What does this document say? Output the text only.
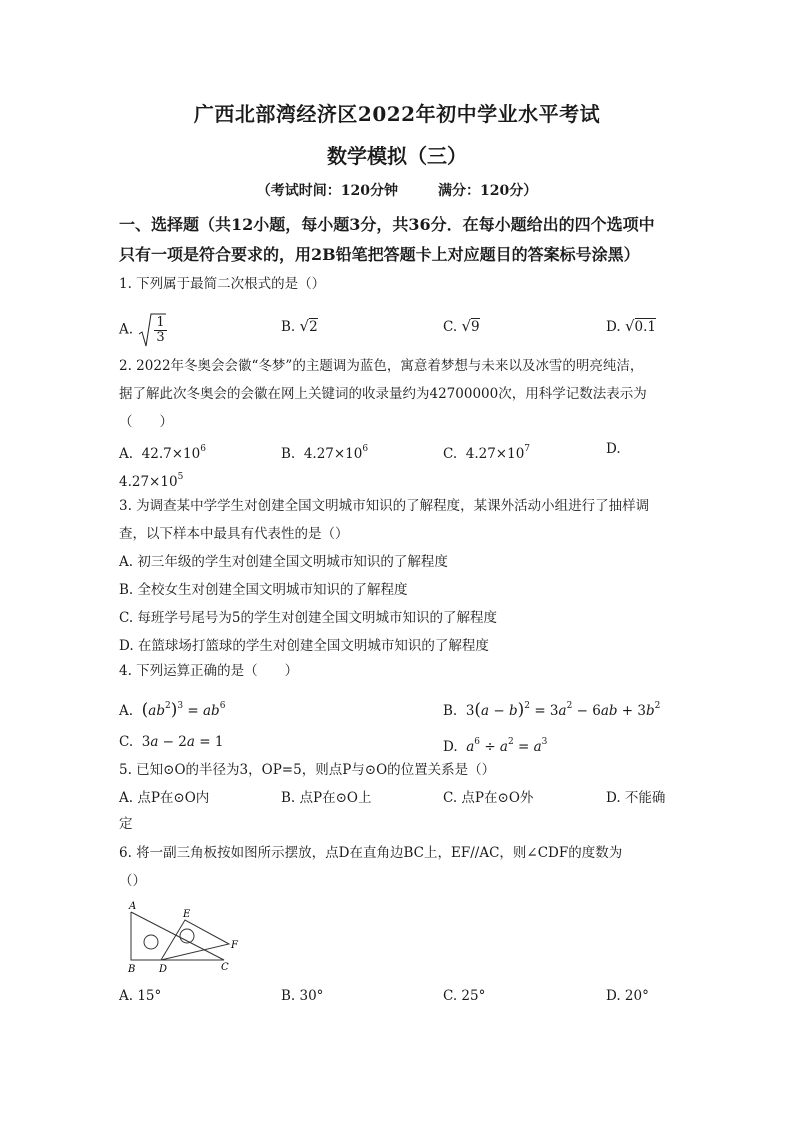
广西北部湾经济区2022年初中学业水平考试
数学模拟（三）
（考试时间：120分钟	满分：120分）
一、选择题（共12小题，每小题3分，共36分．在每小题给出的四个选项中
只有一项是符合要求的，用2B铅笔把答题卡上对应题目的答案标号涂黑）
1. 下列属于最简二次根式的是（）
A. $\frac{1}{3}$	B. √2	C. √9	D. √0.1
2. 2022年冬奥会会徽“冬梦”的主题调为蓝色，寓意着梦想与未来以及冰雪的明亮纯洁，
据了解此次冬奥会的会徽在网上关键词的收录量约为42700000次，用科学记数法表示为
（　　）
A. $42.7\times 10^6$	B. $4.27\times 10^6$	C. $4.27\times 10^7$	D.
$4.27\times 10^5$
3. 为调查某中学学生对创建全国文明城市知识的了解程度，某课外活动小组进行了抽样调
查，以下样本中最具有代表性的是（）
A. 初三年级的学生对创建全国文明城市知识的了解程度
B. 全校女生对创建全国文明城市知识的了解程度
C. 每班学号尾号为5的学生对创建全国文明城市知识的了解程度
D. 在篮球场打篮球的学生对创建全国文明城市知识的了解程度
4. 下列运算正确的是（　　）
A. $(ab^2)^3 = ab^6$	B. $3(a - b)^2 = 3a^2 - 6ab + 3b^2$
C. 3a − 2a = 1	D. $a^6 \div a^2 = a^3$
5. 已知⊙O的半径为3，OP=5，则点P与⊙O的位置关系是（）
A. 点P在⊙O内	B. 点P在⊙O上	C. 点P在⊙O外	D. 不能确
定
6. 将一副三角板按如图所示摆放，点D在直角边BC上，EF//AC，则∠CDF的度数为
（）
A
B D
E
F
C
A. 15°	B. 30°	C. 25°	D. 20°
